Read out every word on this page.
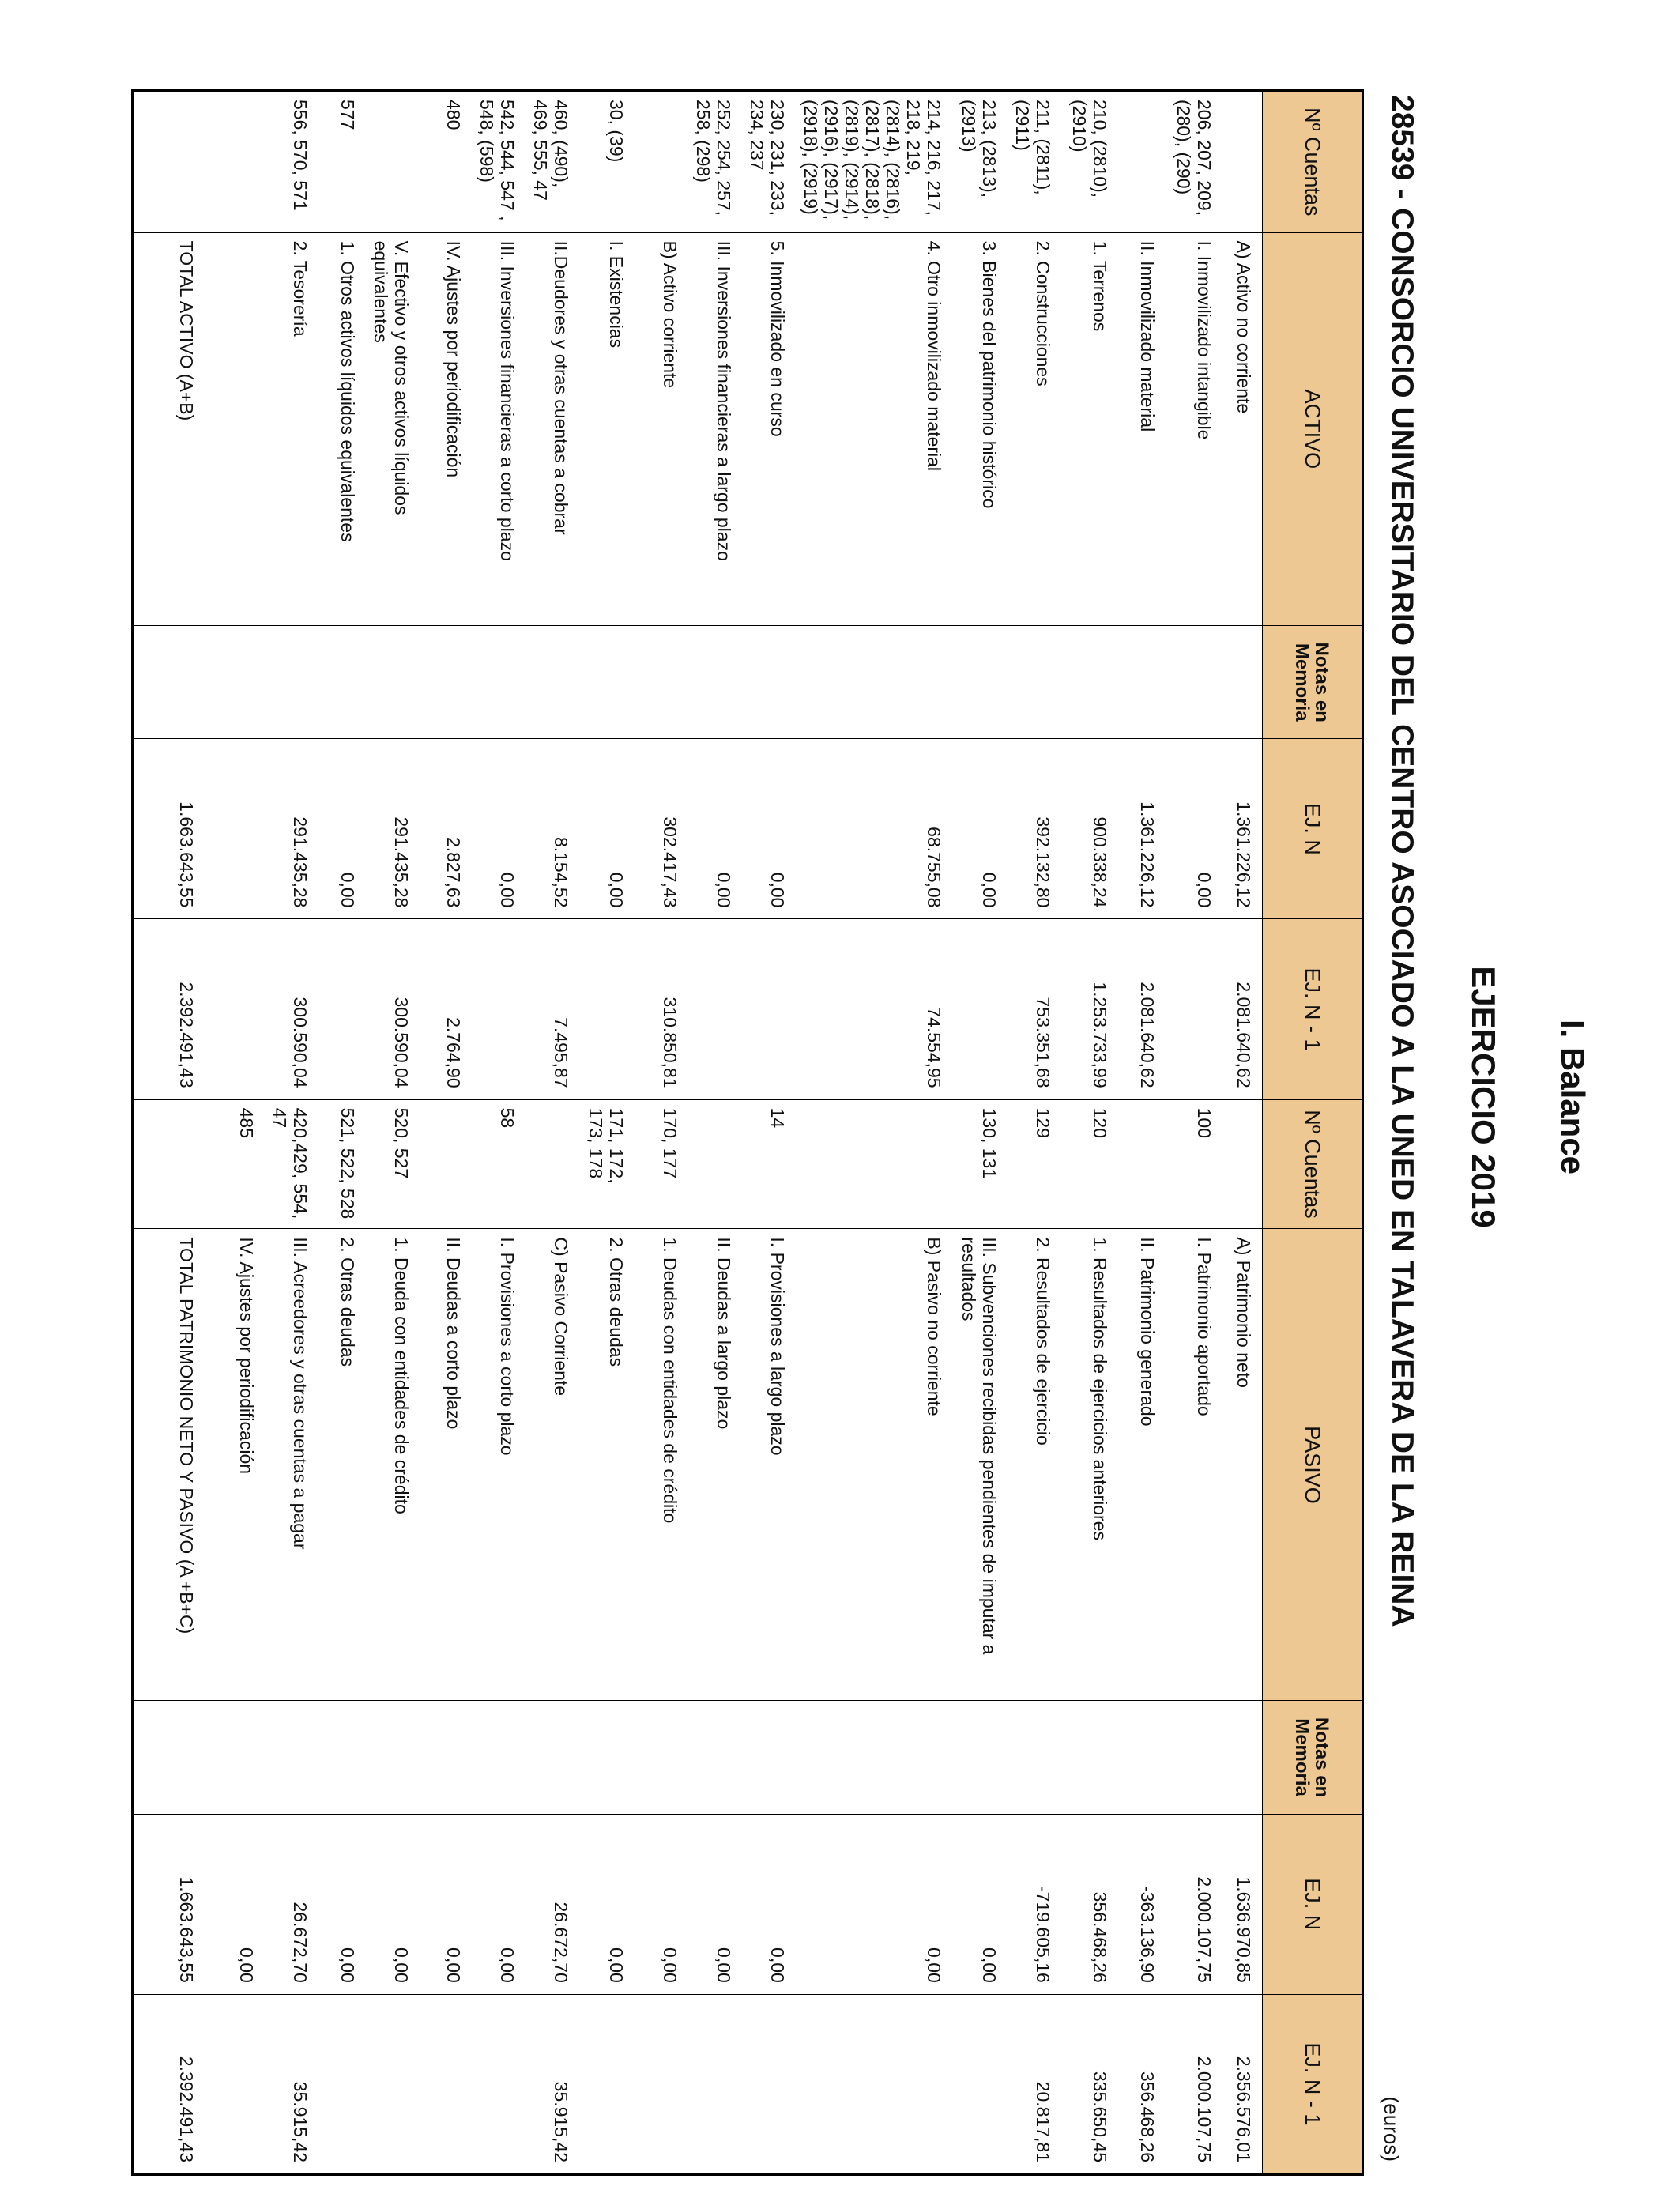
I. Balance
EJERCICIO 2019
28539 - CONSORCIO UNIVERSITARIO DEL CENTRO ASOCIADO A LA UNED EN TALAVERA DE LA REINA
(euros)
Nº Cuentas	ACTIVO	Notas en Memoria	EJ. N	EJ. N - 1	Nº Cuentas	PASIVO	Notas en Memoria	EJ. N	EJ. N - 1
	A) Activo no corriente		1.361.226,12	2.081.640,62		A) Patrimonio neto		1.636.970,85	2.356.576,01
206, 207, 209, (280), (290)	I. Inmovilizado intangible		0,00		100	I. Patrimonio aportado		2.000.107,75	2.000.107,75
	II. Inmovilizado material		1.361.226,12	2.081.640,62		II. Patrimonio generado		-363.136,90	356.468,26
210, (2810), (2910)	1. Terrenos		900.338,24	1.253.733,99	120	1. Resultados de ejercicios anteriores		356.468,26	335.650,45
211, (2811), (2911)	2. Construcciones		392.132,80	753.351,68	129	2. Resultados de ejercicio		-719.605,16	20.817,81
213, (2813), (2913)	3. Bienes del patrimonio histórico		0,00		130, 131	III. Subvenciones recibidas pendientes de imputar a resultados		0,00	
214, 216, 217, 218, 219, (2814), (2816), (2817), (2818), (2819), (2914), (2916), (2917), (2918), (2919)	4. Otro inmovilizado material		68.755,08	74.554,95		B) Pasivo no corriente		0,00	
230, 231, 233, 234, 237	5. Inmovilizado en curso		0,00		14	I. Provisiones a largo plazo		0,00	
252, 254, 257, 258, (298)	III. Inversiones financieras a largo plazo		0,00			II. Deudas a largo plazo		0,00	
	B) Activo corriente		302.417,43	310.850,81	170, 177	1. Deudas con entidades de crédito		0,00	
30, (39)	I. Existencias		0,00		171, 172, 173, 178	2. Otras deudas		0,00	
460, (490), 469, 555, 47	II.Deudores y otras cuentas a cobrar		8.154,52	7.495,87		C) Pasivo Corriente		26.672,70	35.915,42
542, 544, 547 , 548, (598)	III. Inversiones financieras a corto plazo		0,00		58	I. Provisiones a corto plazo		0,00	
480	IV. Ajustes por periodificación		2.827,63	2.764,90		II. Deudas a corto plazo		0,00	
	V. Efectivo y otros activos líquidos equivalentes		291.435,28	300.590,04	520, 527	1. Deuda con entidades de crédito		0,00	
577	1. Otros activos líquidos equivalentes		0,00		521, 522, 528	2. Otras deudas		0,00	
556, 570, 571	2. Tesorería		291.435,28	300.590,04	420,429, 554, 47	III. Acreedores y otras cuentas a pagar		26.672,70	35.915,42
					485	IV. Ajustes por periodificación		0,00	
	TOTAL ACTIVO (A+B)		1.663.643,55	2.392.491,43		TOTAL PATRIMONIO NETO Y PASIVO (A +B+C)		1.663.643,55	2.392.491,43
